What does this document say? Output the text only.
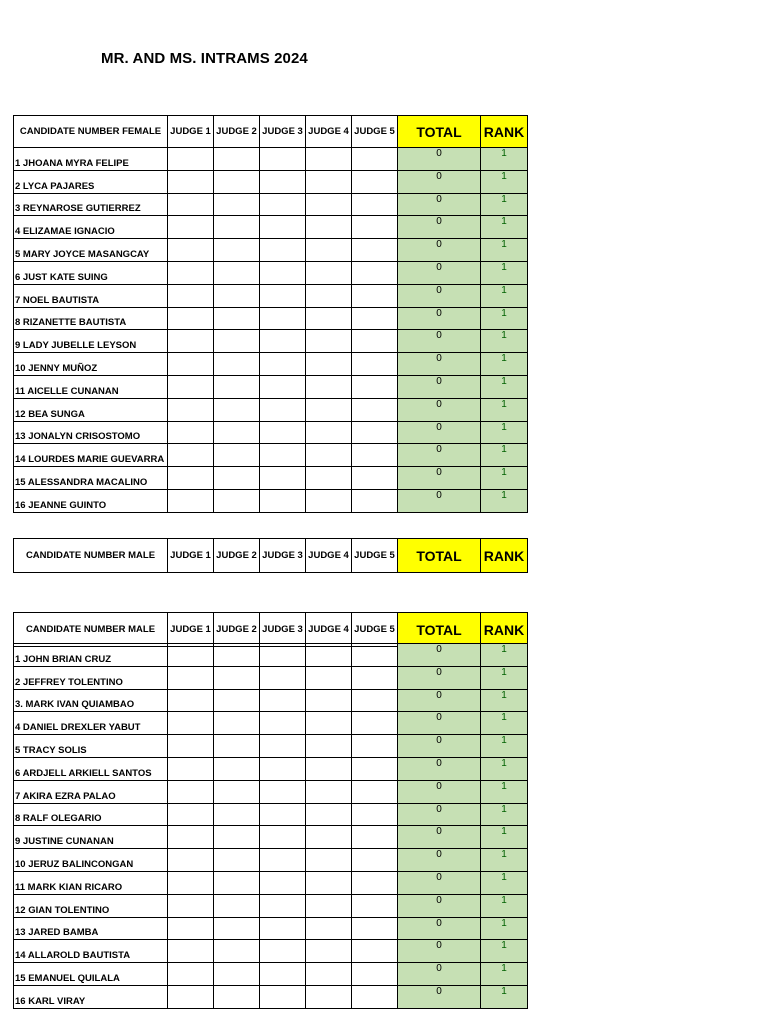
MR. AND MS. INTRAMS 2024
CANDIDATE NUMBER FEMALE	JUDGE 1	JUDGE 2	JUDGE 3	JUDGE 4	JUDGE 5	TOTAL	RANK
1 JHOANA MYRA FELIPE						0	1
2 LYCA PAJARES						0	1
3 REYNAROSE GUTIERREZ						0	1
4 ELIZAMAE IGNACIO						0	1
5 MARY JOYCE MASANGCAY						0	1
6 JUST KATE SUING						0	1
7 NOEL BAUTISTA						0	1
8 RIZANETTE BAUTISTA						0	1
9 LADY JUBELLE LEYSON						0	1
10 JENNY MUÑOZ						0	1
11 AICELLE CUNANAN						0	1
12 BEA SUNGA						0	1
13 JONALYN CRISOSTOMO						0	1
14 LOURDES MARIE GUEVARRA						0	1
15 ALESSANDRA MACALINO						0	1
16 JEANNE GUINTO						0	1
CANDIDATE NUMBER MALE	JUDGE 1	JUDGE 2	JUDGE 3	JUDGE 4	JUDGE 5	TOTAL	RANK
CANDIDATE NUMBER MALE	JUDGE 1	JUDGE 2	JUDGE 3	JUDGE 4	JUDGE 5	TOTAL	RANK
1 JOHN BRIAN CRUZ						0	1
2 JEFFREY TOLENTINO						0	1
3. MARK IVAN QUIAMBAO						0	1
4 DANIEL DREXLER YABUT						0	1
5 TRACY SOLIS						0	1
6 ARDJELL ARKIELL SANTOS						0	1
7 AKIRA EZRA PALAO						0	1
8 RALF OLEGARIO						0	1
9 JUSTINE CUNANAN						0	1
10 JERUZ BALINCONGAN						0	1
11 MARK KIAN RICARO						0	1
12 GIAN TOLENTINO						0	1
13 JARED BAMBA						0	1
14 ALLAROLD BAUTISTA						0	1
15 EMANUEL QUILALA						0	1
16 KARL VIRAY						0	1
